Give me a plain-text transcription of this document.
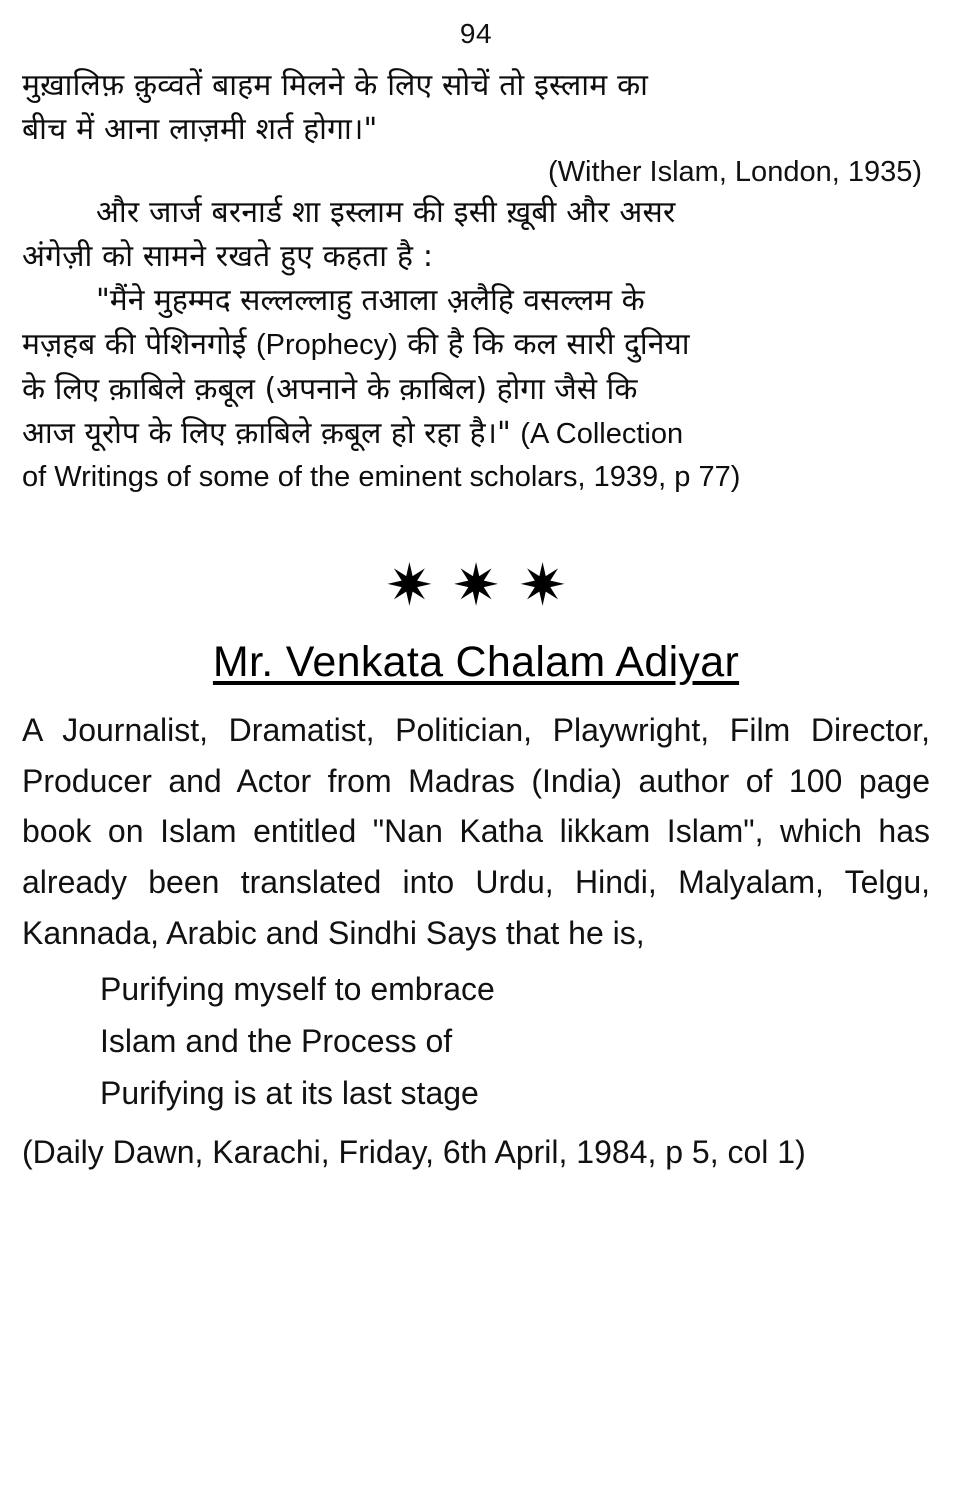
94
मुख़ालिफ़ क़ुव्वतें बाहम मिलने के लिए सोचें तो इस्लाम का
बीच में आना लाज़मी शर्त होगा।"
(Wither Islam, London, 1935)
और जार्ज बरनार्ड शा इस्लाम की इसी ख़ूबी और असर
अंगेज़ी को सामने रखते हुए कहता है :
"मैंने मुहम्मद सल्लल्लाहु तआला अ़लैहि वसल्लम के
मज़हब की पेशिनगोई (Prophecy) की है कि कल सारी दुनिया
के लिए क़ाबिले क़बूल (अपनाने के क़ाबिल) होगा जैसे कि
आज यूरोप के लिए क़ाबिले क़बूल हो रहा है।" (A Collection
of Writings of some of the eminent scholars, 1939, p 77)
✷✷✷
Mr. Venkata Chalam Adiyar
A Journalist, Dramatist, Politician, Playwright, Film Director, Producer and Actor from Madras (India) author of 100 page book on Islam entitled "Nan Katha likkam Islam", which has already been translated into Urdu, Hindi, Malyalam, Telgu, Kannada, Arabic and Sindhi Says that he is,
Purifying myself to embrace
Islam and the Process of
Purifying is at its last stage
(Daily Dawn, Karachi, Friday, 6th April, 1984, p 5, col 1)
